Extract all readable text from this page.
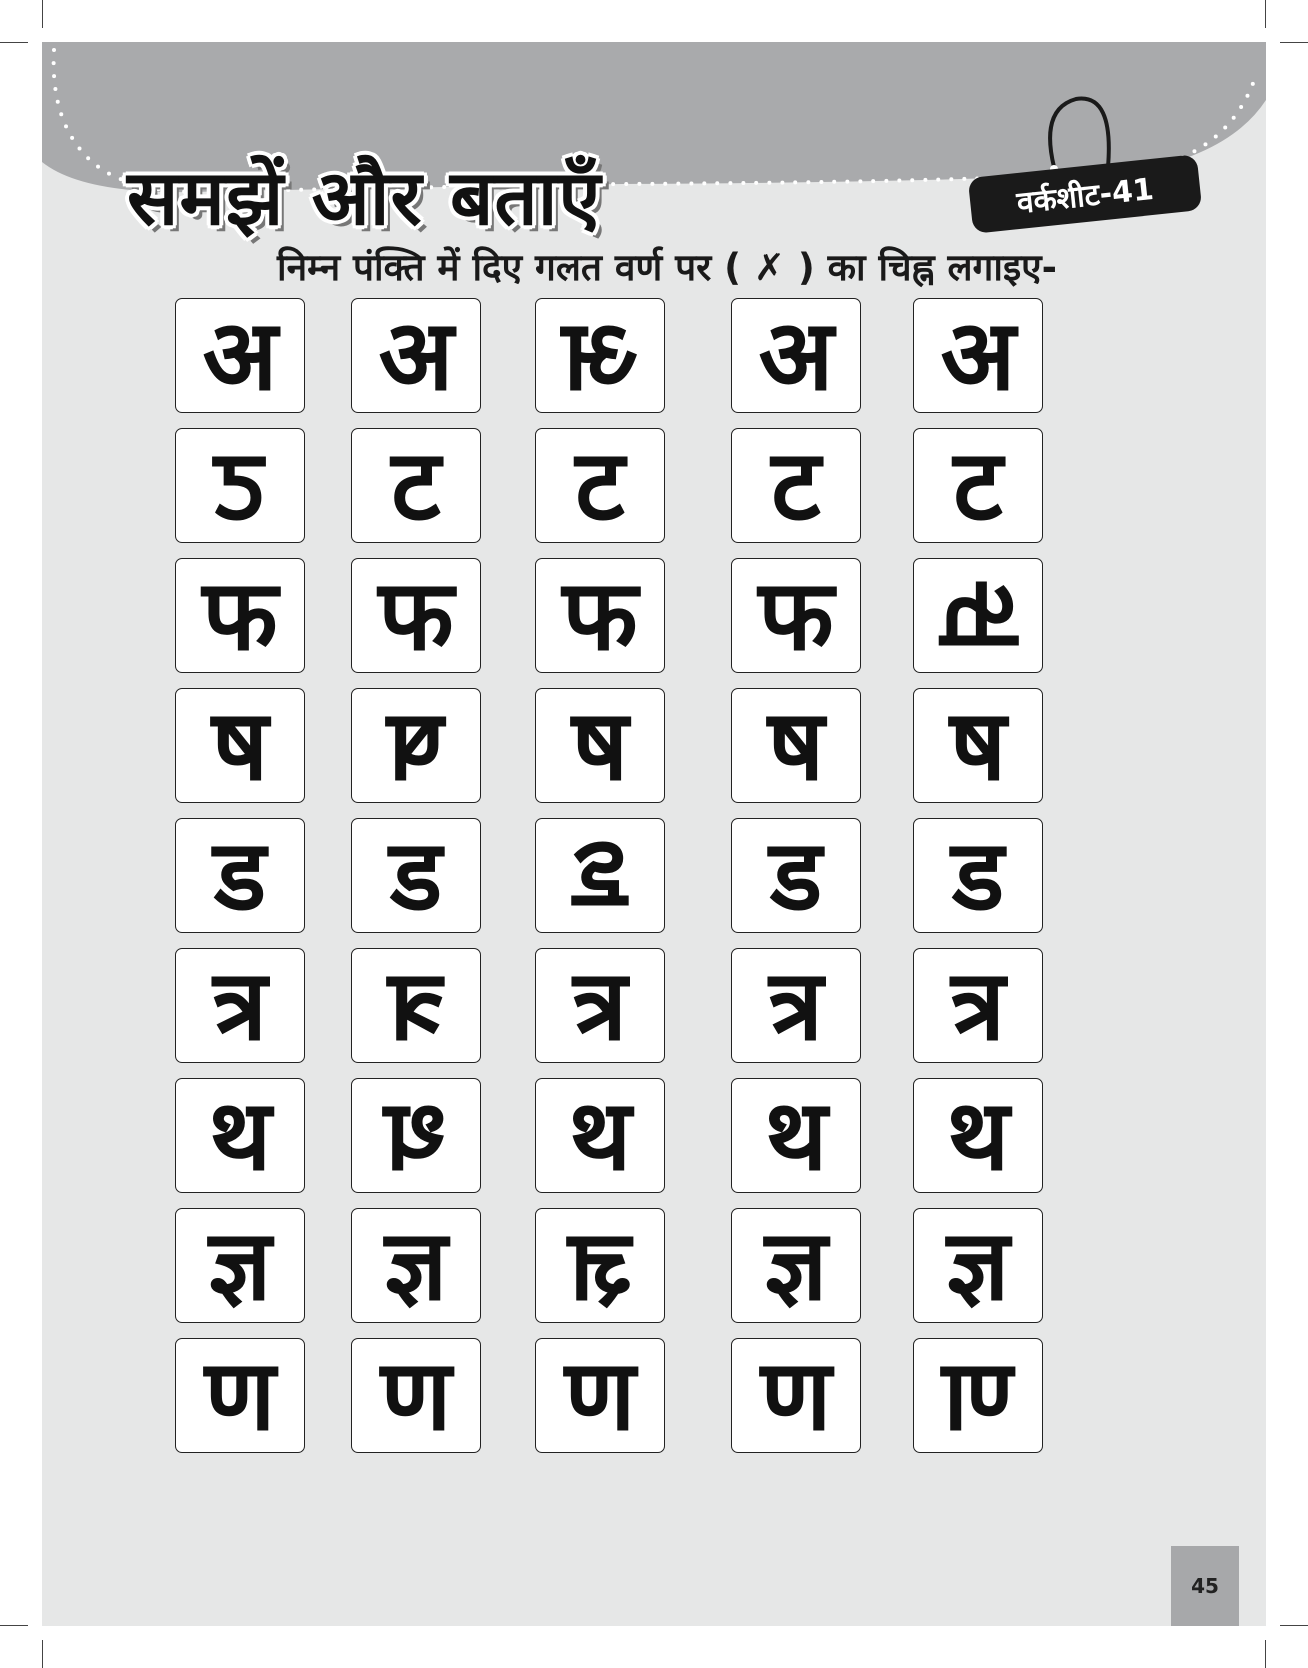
समझें और बताएँ	वर्कशीट-41
निम्न पंक्ति में दिए गलत वर्ण पर ( ✗ ) का चिह्न लगाइए-
अ अ अ अ अ
ट ट ट ट ट
फ फ फ फ फ
ष ष ष ष ष
ड ड ड ड ड
त्र त्र त्र त्र त्र
थ थ थ थ थ
ज्ञ ज्ञ ज्ञ ज्ञ ज्ञ
ण ण ण ण ण
45
